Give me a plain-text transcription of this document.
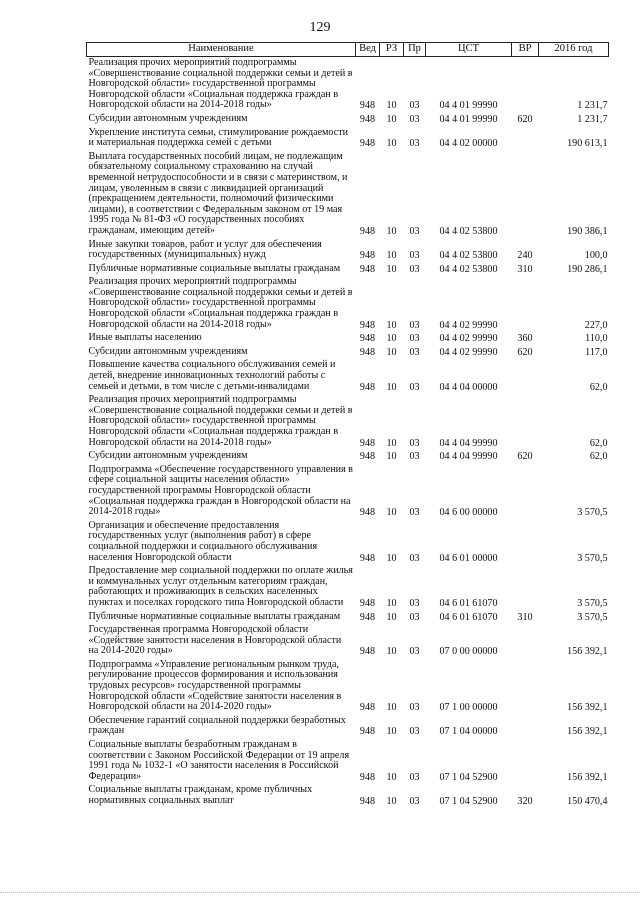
129
Наименование	Вед	РЗ	Пр	ЦСТ	ВР	2016 год
Реализация прочих мероприятий подпрограммы «Совершенствование социальной поддержки семьи и детей в Новгородской области» государственной программы Новгородской области «Социальная поддержка граждан в Новгородской области на 2014-2018 годы»	948	10	03	04 4 01 99990		1 231,7
Субсидии автономным учреждениям	948	10	03	04 4 01 99990	620	1 231,7
Укрепление института семьи, стимулирование рождаемости и материальная поддержка семей с детьми	948	10	03	04 4 02 00000		190 613,1
Выплата государственных пособий лицам, не подлежащим обязательному социальному страхованию на случай временной нетрудоспособности и в связи с материнством, и лицам, уволенным в связи с ликвидацией организаций (прекращением деятельности, полномочий физическими лицами), в соответствии с Федеральным законом от 19 мая 1995 года № 81-ФЗ «О государственных пособиях гражданам, имеющим детей»	948	10	03	04 4 02 53800		190 386,1
Иные закупки товаров, работ и услуг для обеспечения государственных (муниципальных) нужд	948	10	03	04 4 02 53800	240	100,0
Публичные нормативные социальные выплаты гражданам	948	10	03	04 4 02 53800	310	190 286,1
Реализация прочих мероприятий подпрограммы «Совершенствование социальной поддержки семьи и детей в Новгородской области» государственной программы Новгородской области «Социальная поддержка граждан в Новгородской области на 2014-2018 годы»	948	10	03	04 4 02 99990		227,0
Иные выплаты населению	948	10	03	04 4 02 99990	360	110,0
Субсидии автономным учреждениям	948	10	03	04 4 02 99990	620	117,0
Повышение качества социального обслуживания семей и детей, внедрение инновационных технологий работы с семьей и детьми, в том числе с детьми-инвалидами	948	10	03	04 4 04 00000		62,0
Реализация прочих мероприятий подпрограммы «Совершенствование социальной поддержки семьи и детей в Новгородской области» государственной программы Новгородской области «Социальная поддержка граждан в Новгородской области на 2014-2018 годы»	948	10	03	04 4 04 99990		62,0
Субсидии автономным учреждениям	948	10	03	04 4 04 99990	620	62,0
Подпрограмма «Обеспечение государственного управления в сфере социальной защиты населения области» государственной программы Новгородской области «Социальная поддержка граждан в Новгородской области на 2014-2018 годы»	948	10	03	04 6 00 00000		3 570,5
Организация и обеспечение предоставления государственных услуг (выполнения работ) в сфере социальной поддержки и социального обслуживания населения Новгородской области	948	10	03	04 6 01 00000		3 570,5
Предоставление мер социальной поддержки по оплате жилья и коммунальных услуг отдельным категориям граждан, работающих и проживающих в сельских населенных пунктах и поселках городского типа Новгородской области	948	10	03	04 6 01 61070		3 570,5
Публичные нормативные социальные выплаты гражданам	948	10	03	04 6 01 61070	310	3 570,5
Государственная программа Новгородской области «Содействие занятости населения в Новгородской области на 2014-2020 годы»	948	10	03	07 0 00 00000		156 392,1
Подпрограмма «Управление региональным рынком труда, регулирование процессов формирования и использования трудовых ресурсов» государственной программы Новгородской области «Содействие занятости населения в Новгородской области на 2014-2020 годы»	948	10	03	07 1 00 00000		156 392,1
Обеспечение гарантий социальной поддержки безработных граждан	948	10	03	07 1 04 00000		156 392,1
Социальные выплаты безработным гражданам в соответствии с Законом Российской Федерации от 19 апреля 1991 года № 1032-1 «О занятости населения в Российской Федерации»	948	10	03	07 1 04 52900		156 392,1
Социальные выплаты гражданам, кроме публичных нормативных социальных выплат	948	10	03	07 1 04 52900	320	150 470,4
